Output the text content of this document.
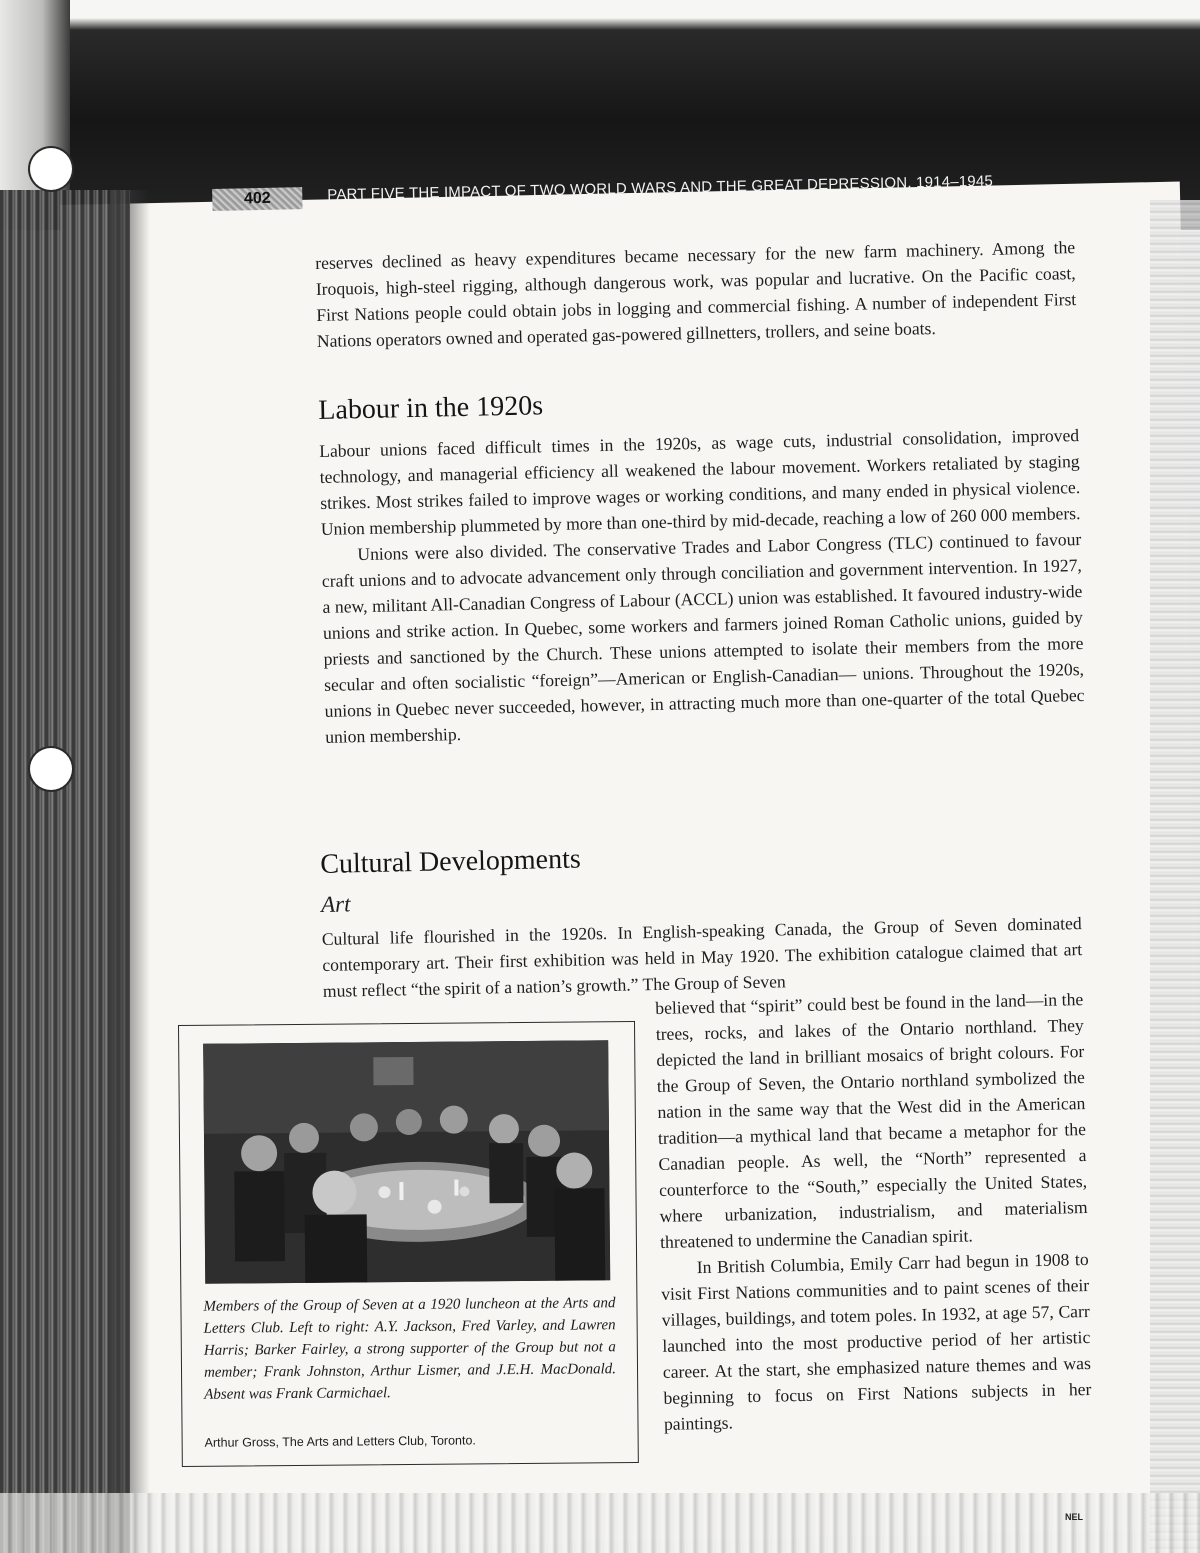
402	PART FIVE THE IMPACT OF TWO WORLD WARS AND THE GREAT DEPRESSION, 1914–1945

reserves declined as heavy expenditures became necessary for the new farm machinery. Among the Iroquois, high-steel rigging, although dangerous work, was popular and lucrative. On the Pacific coast, First Nations people could obtain jobs in logging and commercial fishing. A number of independent First Nations operators owned and operated gas-powered gillnetters, trollers, and seine boats.

Labour in the 1920s

Labour unions faced difficult times in the 1920s, as wage cuts, industrial consolidation, improved technology, and managerial efficiency all weakened the labour movement. Workers retaliated by staging strikes. Most strikes failed to improve wages or working conditions, and many ended in physical violence. Union membership plummeted by more than one-third by mid-decade, reaching a low of 260 000 members.

Unions were also divided. The conservative Trades and Labor Congress (TLC) continued to favour craft unions and to advocate advancement only through conciliation and government intervention. In 1927, a new, militant All-Canadian Congress of Labour (ACCL) union was established. It favoured industry-wide unions and strike action. In Quebec, some workers and farmers joined Roman Catholic unions, guided by priests and sanctioned by the Church. These unions attempted to isolate their members from the more secular and often socialistic “foreign”—American or English-Canadian— unions. Throughout the 1920s, unions in Quebec never succeeded, however, in attracting much more than one-quarter of the total Quebec union membership.

Cultural Developments
Art

Cultural life flourished in the 1920s. In English-speaking Canada, the Group of Seven dominated contemporary art. Their first exhibition was held in May 1920. The exhibition catalogue claimed that art must reflect “the spirit of a nation’s growth.” The Group of Seven

believed that “spirit” could best be found in the land—in the trees, rocks, and lakes of the Ontario northland. They depicted the land in brilliant mosaics of bright colours. For the Group of Seven, the Ontario northland symbolized the nation in the same way that the West did in the American tradition—a mythical land that became a metaphor for the Canadian people. As well, the “North” represented a counterforce to the “South,” especially the United States, where urbanization, industrialism, and materialism threatened to undermine the Canadian spirit.

In British Columbia, Emily Carr had begun in 1908 to visit First Nations communities and to paint scenes of their villages, buildings, and totem poles. In 1932, at age 57, Carr launched into the most productive period of her artistic career. At the start, she emphasized nature themes and was beginning to focus on First Nations subjects in her paintings.

Members of the Group of Seven at a 1920 luncheon at the Arts and Letters Club. Left to right: A.Y. Jackson, Fred Varley, and Lawren Harris; Barker Fairley, a strong supporter of the Group but not a member; Frank Johnston, Arthur Lismer, and J.E.H. MacDonald. Absent was Frank Carmichael.
Arthur Gross, The Arts and Letters Club, Toronto.
NEL
